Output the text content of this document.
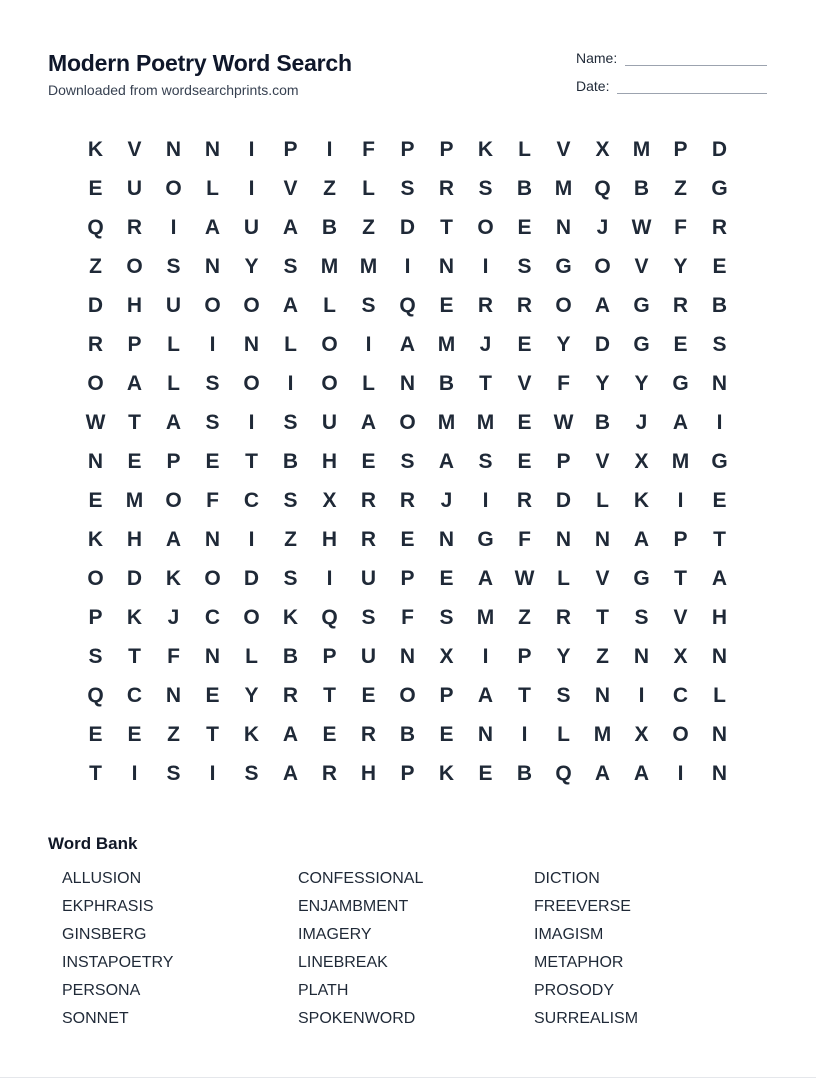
Modern Poetry Word Search
Downloaded from wordsearchprints.com
Name:
Date:
K	V	N	N	I	P	I	F	P	P	K	L	V	X	M	P	D
E	U	O	L	I	V	Z	L	S	R	S	B	M	Q	B	Z	G
Q	R	I	A	U	A	B	Z	D	T	O	E	N	J	W	F	R
Z	O	S	N	Y	S	M	M	I	N	I	S	G	O	V	Y	E
D	H	U	O	O	A	L	S	Q	E	R	R	O	A	G	R	B
R	P	L	I	N	L	O	I	A	M	J	E	Y	D	G	E	S
O	A	L	S	O	I	O	L	N	B	T	V	F	Y	Y	G	N
W	T	A	S	I	S	U	A	O	M	M	E	W	B	J	A	I
N	E	P	E	T	B	H	E	S	A	S	E	P	V	X	M	G
E	M	O	F	C	S	X	R	R	J	I	R	D	L	K	I	E
K	H	A	N	I	Z	H	R	E	N	G	F	N	N	A	P	T
O	D	K	O	D	S	I	U	P	E	A	W	L	V	G	T	A
P	K	J	C	O	K	Q	S	F	S	M	Z	R	T	S	V	H
S	T	F	N	L	B	P	U	N	X	I	P	Y	Z	N	X	N
Q	C	N	E	Y	R	T	E	O	P	A	T	S	N	I	C	L
E	E	Z	T	K	A	E	R	B	E	N	I	L	M	X	O	N
T	I	S	I	S	A	R	H	P	K	E	B	Q	A	A	I	N
Word Bank
ALLUSION	CONFESSIONAL	DICTION
EKPHRASIS	ENJAMBMENT	FREEVERSE
GINSBERG	IMAGERY	IMAGISM
INSTAPOETRY	LINEBREAK	METAPHOR
PERSONA	PLATH	PROSODY
SONNET	SPOKENWORD	SURREALISM
